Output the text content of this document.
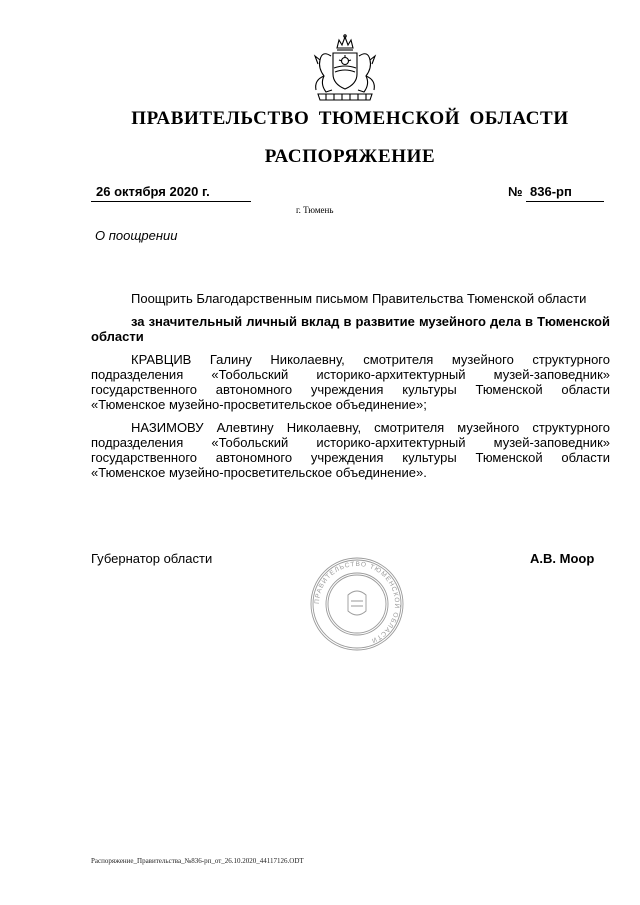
ПРАВИТЕЛЬСТВО ТЮМЕНСКОЙ ОБЛАСТИ
РАСПОРЯЖЕНИЕ
26 октября 2020 г.	№ 836-рп
г. Тюмень
О поощрении

Поощрить Благодарственным письмом Правительства Тюменской области

за значительный личный вклад в развитие музейного дела в Тюменской области

КРАВЦИВ Галину Николаевну, смотрителя музейного структурного подразделения «Тобольский историко-архитектурный музей-заповедник» государственного автономного учреждения культуры Тюменской области «Тюменское музейно-просветительское объединение»;

НАЗИМОВУ Алевтину Николаевну, смотрителя музейного структурного подразделения «Тобольский историко-архитектурный музей-заповедник» государственного автономного учреждения культуры Тюменской области «Тюменское музейно-просветительское объединение».

Губернатор области	А.В. Моор
ПРАВИТЕЛЬСТВО ТЮМЕНСКОЙ ОБЛАСТИ
Распоряжение_Правительства_№836-рп_от_26.10.2020_44117126.ODT
